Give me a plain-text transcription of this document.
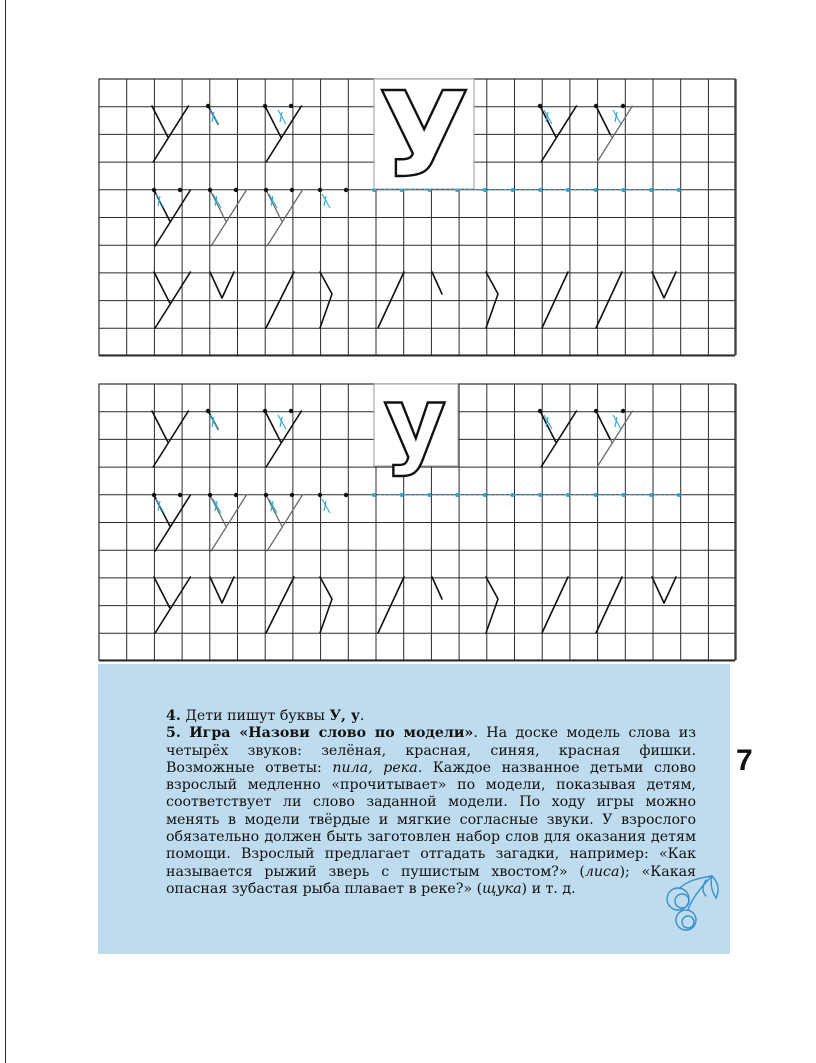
У
у

4. Дети пишут буквы У, у.

5. Игра «Назови слово по модели». На доске модель слова из четырёх звуков: зелёная, красная, синяя, красная фишки. Возможные ответы: пила, река. Каждое названное детьми слово взрослый медленно «прочитывает» по модели, показывая детям, соответствует ли слово заданной модели. По ходу игры можно менять в модели твёрдые и мягкие согласные звуки. У взрослого обязательно должен быть заготовлен набор слов для оказания детям помощи. Взрослый предлагает отгадать загадки, например: «Как называется рыжий зверь с пушистым хвостом?» (лиса); «Какая опасная зубастая рыба плавает в реке?» (щука) и т. д.

7
